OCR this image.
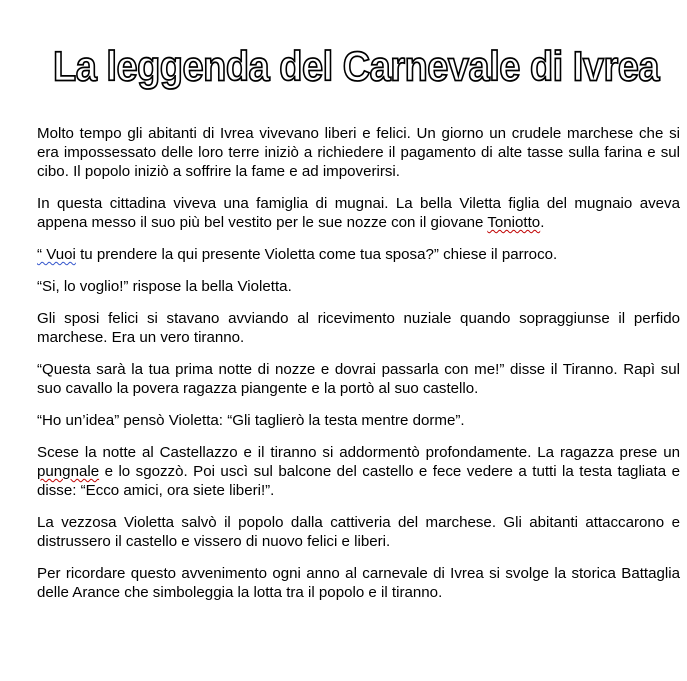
La leggenda del Carnevale di Ivrea

Molto tempo gli abitanti di Ivrea vivevano liberi e felici. Un giorno un crudele marchese che si era impossessato delle loro terre iniziò a richiedere il pagamento di alte tasse sulla farina e sul cibo. Il popolo iniziò a soffrire la fame e ad impoverirsi.

In questa cittadina viveva una famiglia di mugnai. La bella Viletta figlia del mugnaio aveva appena messo il suo più bel vestito per le sue nozze con il giovane Toniotto.

“ Vuoi tu prendere la qui presente Violetta come tua sposa?” chiese il parroco.

“Si, lo voglio!” rispose la bella Violetta.

Gli sposi felici si stavano avviando al ricevimento nuziale quando sopraggiunse il perfido marchese. Era un vero tiranno.

“Questa sarà la tua prima notte di nozze e dovrai passarla con me!” disse il Tiranno. Rapì sul suo cavallo la povera ragazza piangente e la portò al suo castello.

“Ho un’idea” pensò Violetta: “Gli taglierò la testa mentre dorme”.

Scese la notte al Castellazzo e il tiranno si addormentò profondamente. La ragazza prese un pungnale e lo sgozzò. Poi uscì sul balcone del castello e fece vedere a tutti la testa tagliata e disse: “Ecco amici, ora siete liberi!”.

La vezzosa Violetta salvò il popolo dalla cattiveria del marchese. Gli abitanti attaccarono e distrussero il castello e vissero di nuovo felici e liberi.

Per ricordare questo avvenimento ogni anno al carnevale di Ivrea si svolge la storica Battaglia delle Arance che simboleggia la lotta tra il popolo e il tiranno.
